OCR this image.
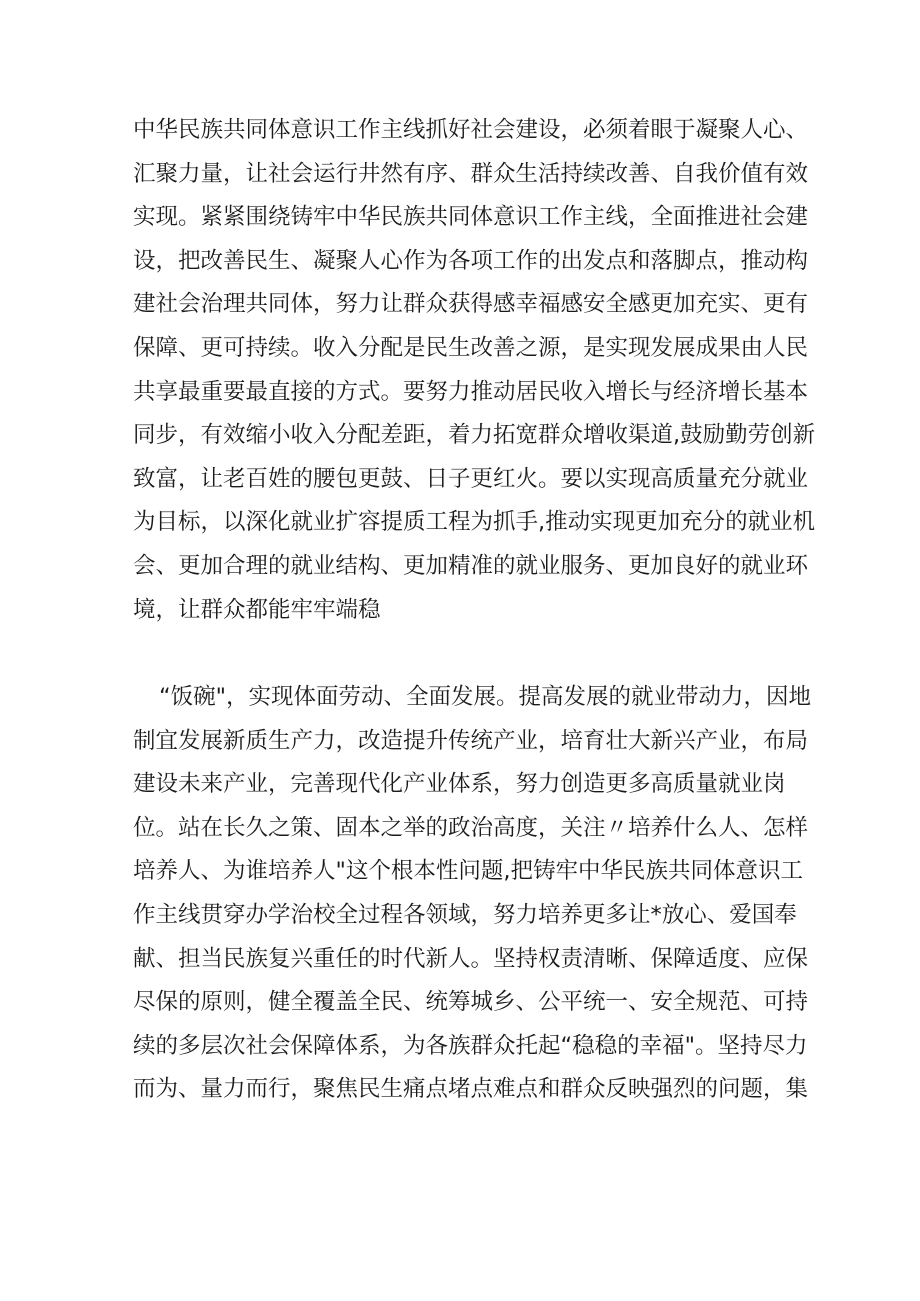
中华民族共同体意识工作主线抓好社会建设，必须着眼于凝聚人心、
汇聚力量，让社会运行井然有序、群众生活持续改善、自我价值有效
实现。紧紧围绕铸牢中华民族共同体意识工作主线，全面推进社会建
设，把改善民生、凝聚人心作为各项工作的出发点和落脚点，推动构
建社会治理共同体，努力让群众获得感幸福感安全感更加充实、更有
保障、更可持续。收入分配是民生改善之源，是实现发展成果由人民
共享最重要最直接的方式。要努力推动居民收入增长与经济增长基本
同步，有效缩小收入分配差距，着力拓宽群众增收渠道,鼓励勤劳创新
致富，让老百姓的腰包更鼓、日子更红火。要以实现高质量充分就业
为目标，以深化就业扩容提质工程为抓手,推动实现更加充分的就业机
会、更加合理的就业结构、更加精准的就业服务、更加良好的就业环
境，让群众都能牢牢端稳
“饭碗"，实现体面劳动、全面发展。提高发展的就业带动力，因地
制宜发展新质生产力，改造提升传统产业，培育壮大新兴产业，布局
建设未来产业，完善现代化产业体系，努力创造更多高质量就业岗
位。站在长久之策、固本之举的政治高度，关注〃培养什么人、怎样
培养人、为谁培养人"这个根本性问题,把铸牢中华民族共同体意识工
作主线贯穿办学治校全过程各领域，努力培养更多让*放心、爱国奉
献、担当民族复兴重任的时代新人。坚持权责清晰、保障适度、应保
尽保的原则，健全覆盖全民、统筹城乡、公平统一、安全规范、可持
续的多层次社会保障体系，为各族群众托起“稳稳的幸福"。坚持尽力
而为、量力而行，聚焦民生痛点堵点难点和群众反映强烈的问题，集
